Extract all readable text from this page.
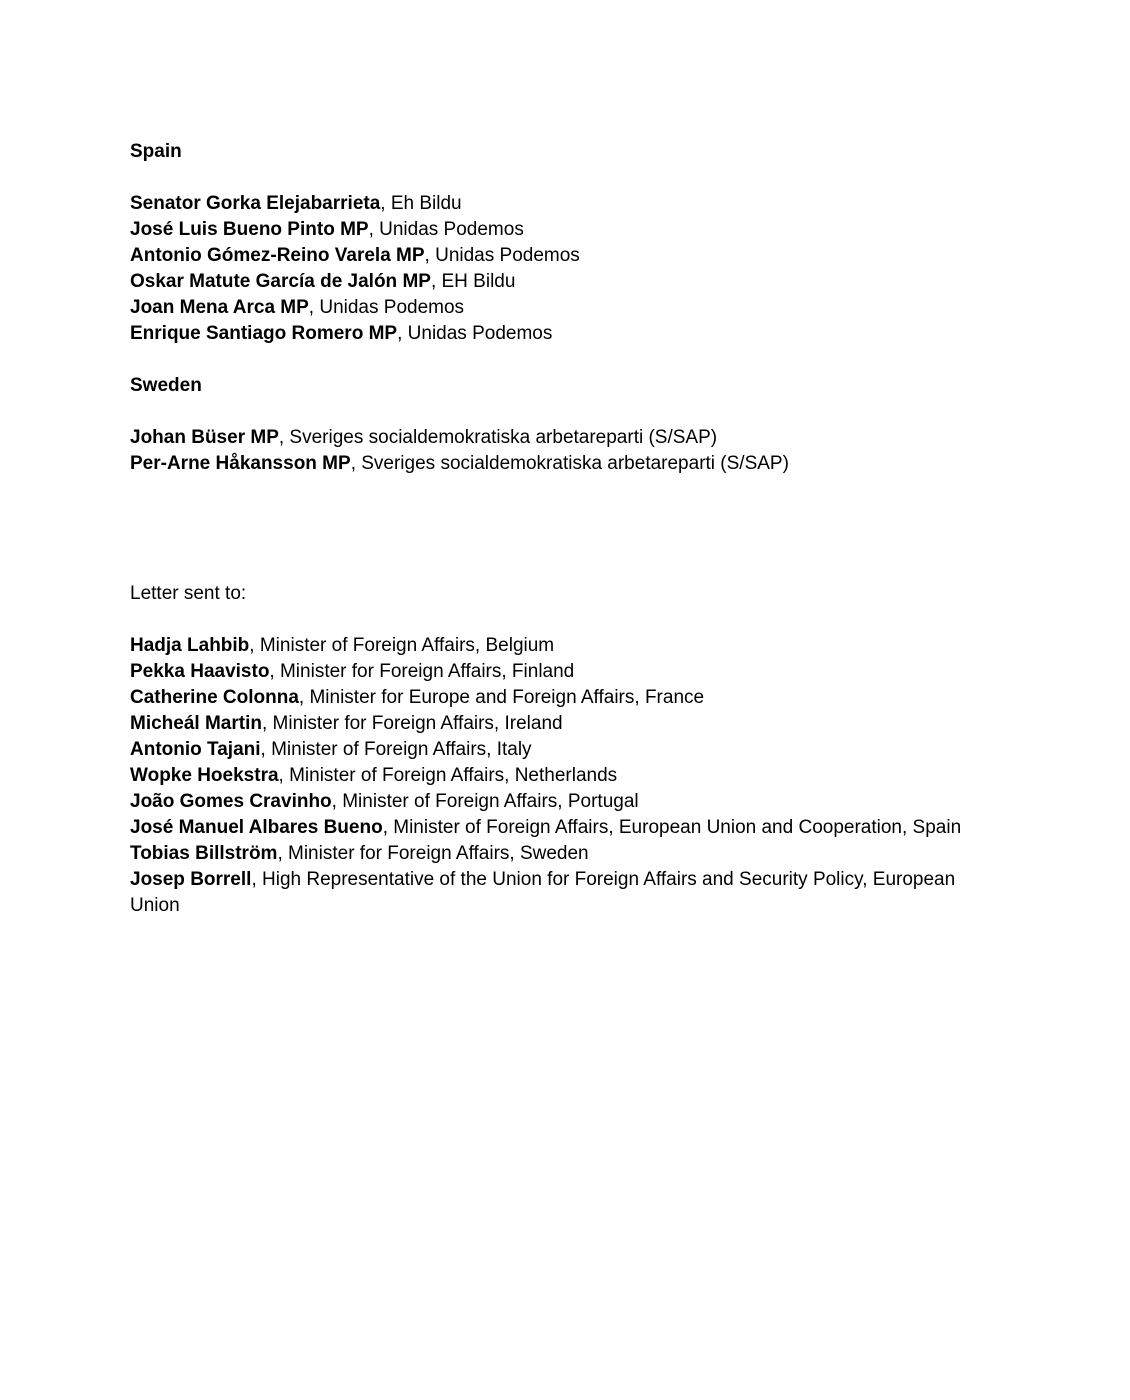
Spain

Senator Gorka Elejabarrieta, Eh Bildu

José Luis Bueno Pinto MP, Unidas Podemos

Antonio Gómez-Reino Varela MP, Unidas Podemos

Oskar Matute García de Jalón MP, EH Bildu

Joan Mena Arca MP, Unidas Podemos

Enrique Santiago Romero MP, Unidas Podemos

Sweden

Johan Büser MP, Sveriges socialdemokratiska arbetareparti (S/SAP)

Per-Arne Håkansson MP, Sveriges socialdemokratiska arbetareparti (S/SAP)

Letter sent to:

Hadja Lahbib, Minister of Foreign Affairs, Belgium

Pekka Haavisto, Minister for Foreign Affairs, Finland

Catherine Colonna, Minister for Europe and Foreign Affairs, France

Micheál Martin, Minister for Foreign Affairs, Ireland

Antonio Tajani, Minister of Foreign Affairs, Italy

Wopke Hoekstra, Minister of Foreign Affairs, Netherlands

João Gomes Cravinho, Minister of Foreign Affairs, Portugal

José Manuel Albares Bueno, Minister of Foreign Affairs, European Union and Cooperation, Spain

Tobias Billström, Minister for Foreign Affairs, Sweden

Josep Borrell, High Representative of the Union for Foreign Affairs and Security Policy, European Union
